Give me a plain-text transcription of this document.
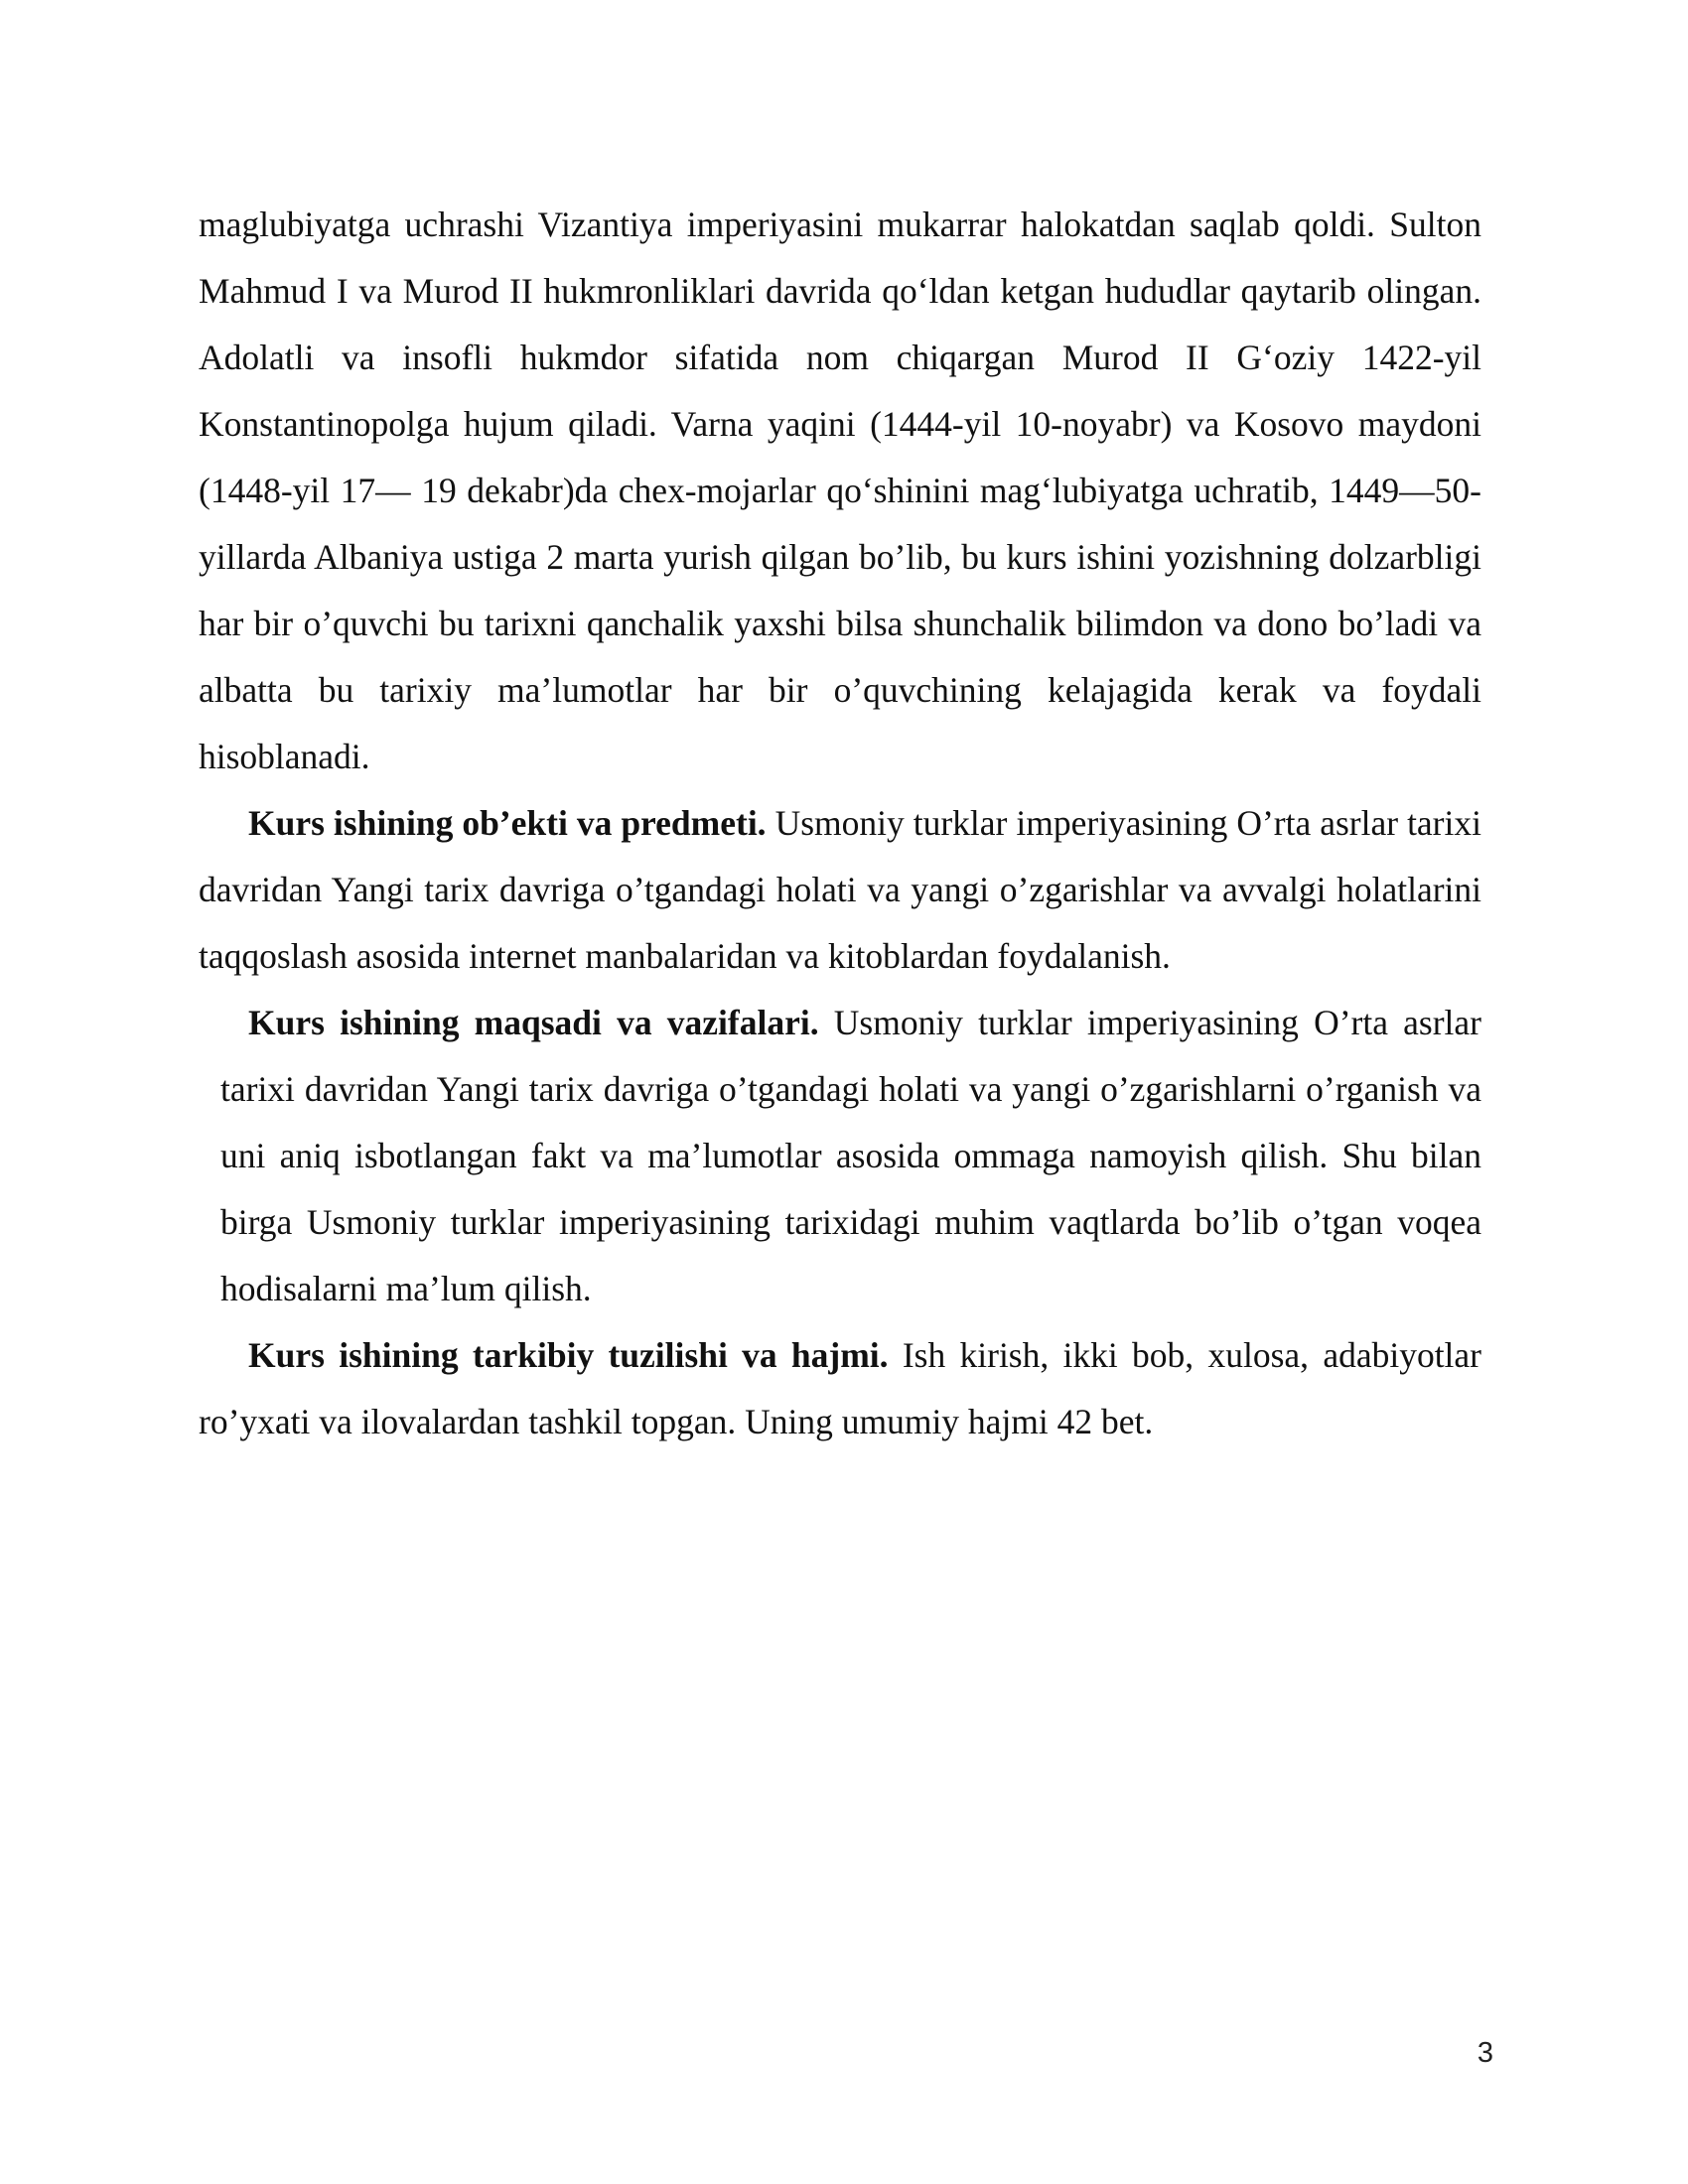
maglubiyatga uchrashi Vizantiya imperiyasini mukarrar halokatdan saqlab qoldi. Sulton Mahmud I va Murod II hukmronliklari davrida qo‘ldan ketgan hududlar qaytarib olingan. Adolatli va insofli hukmdor sifatida nom chiqargan Murod II G‘oziy 1422-yil Konstantinopolga hujum qiladi. Varna yaqini (1444-yil 10-noyabr) va Kosovo maydoni (1448-yil 17— 19 dekabr)da chex-mojarlar qo‘shinini mag‘lubiyatga uchratib, 1449—50-yillarda Albaniya ustiga 2 marta yurish qilgan bo’lib, bu kurs ishini yozishning dolzarbligi har bir o’quvchi bu tarixni qanchalik yaxshi bilsa shunchalik bilimdon va dono bo’ladi va albatta bu tarixiy ma’lumotlar har bir o’quvchining kelajagida kerak va foydali hisoblanadi.

Kurs ishining ob’ekti va predmeti. Usmoniy turklar imperiyasining O’rta asrlar tarixi davridan Yangi tarix davriga o’tgandagi holati va yangi o’zgarishlar va avvalgi holatlarini taqqoslash asosida internet manbalaridan va kitoblardan foydalanish.

Kurs ishining maqsadi va vazifalari. Usmoniy turklar imperiyasining O’rta asrlar tarixi davridan Yangi tarix davriga o’tgandagi holati va yangi o’zgarishlarni o’rganish va uni aniq isbotlangan fakt va ma’lumotlar asosida ommaga namoyish qilish. Shu bilan birga Usmoniy turklar imperiyasining tarixidagi muhim vaqtlarda bo’lib o’tgan voqea hodisalarni ma’lum qilish.

Kurs ishining tarkibiy tuzilishi va hajmi. Ish kirish, ikki bob, xulosa, adabiyotlar ro’yxati va ilovalardan tashkil topgan. Uning umumiy hajmi 42 bet.

3
